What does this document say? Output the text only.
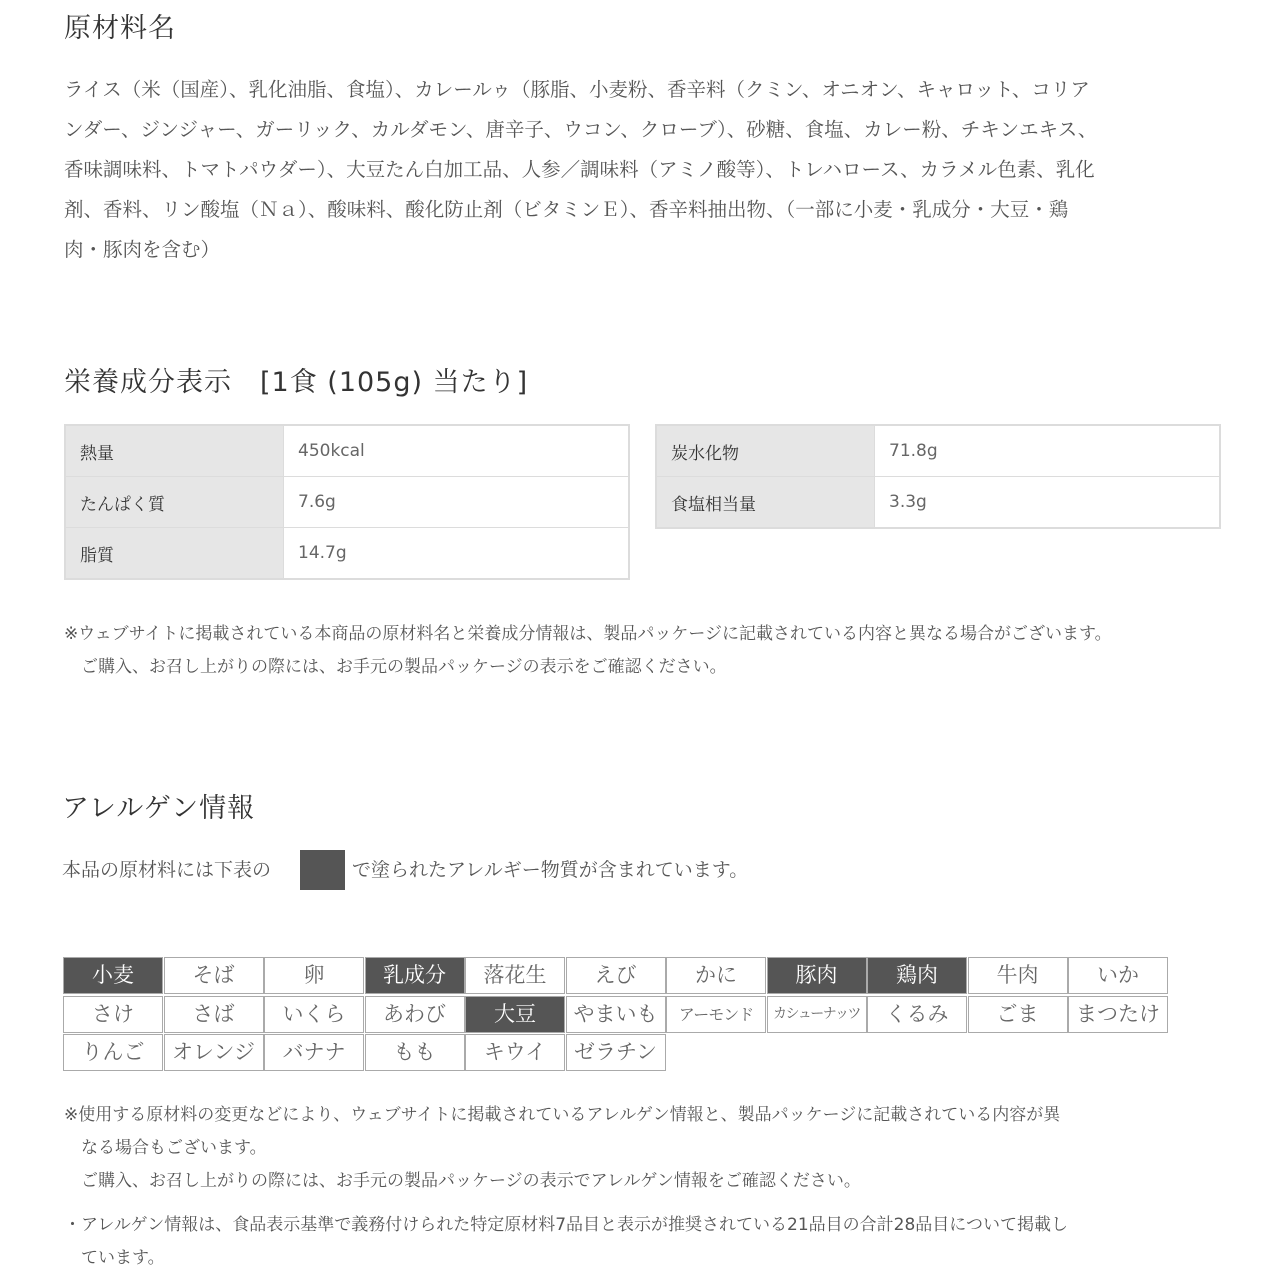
原材料名
ライス（米（国産）、乳化油脂、食塩）、カレールゥ（豚脂、小麦粉、香辛料（クミン、オニオン、キャロット、コリア
ンダー、ジンジャー、ガーリック、カルダモン、唐辛子、ウコン、クローブ）、砂糖、食塩、カレー粉、チキンエキス、
香味調味料、トマトパウダー）、大豆たん白加工品、人参／調味料（アミノ酸等）、トレハロース、カラメル色素、乳化
剤、香料、リン酸塩（Ｎａ）、酸味料、酸化防止剤（ビタミンＥ）、香辛料抽出物、（一部に小麦・乳成分・大豆・鶏
肉・豚肉を含む）
栄養成分表示　[1食 (105g) 当たり]
熱量	450kcal
たんぱく質	7.6g
脂質	14.7g
炭水化物	71.8g
食塩相当量	3.3g
※ウェブサイトに掲載されている本商品の原材料名と栄養成分情報は、製品パッケージに記載されている内容と異なる場合がございます。
　ご購入、お召し上がりの際には、お手元の製品パッケージの表示をご確認ください。
アレルゲン情報
本品の原材料には下表の	で塗られたアレルギー物質が含まれています。
小麦	そば	卵	乳成分	落花生	えび	かに	豚肉	鶏肉	牛肉	いか
さけ	さば	いくら	あわび	大豆	やまいも	アーモンド	カシューナッツ	くるみ	ごま	まつたけ
りんご	オレンジ	バナナ	もも	キウイ	ゼラチン
※使用する原材料の変更などにより、ウェブサイトに掲載されているアレルゲン情報と、製品パッケージに記載されている内容が異
　なる場合もございます。
　ご購入、お召し上がりの際には、お手元の製品パッケージの表示でアレルゲン情報をご確認ください。
・アレルゲン情報は、食品表示基準で義務付けられた特定原材料7品目と表示が推奨されている21品目の合計28品目について掲載し
　ています。
